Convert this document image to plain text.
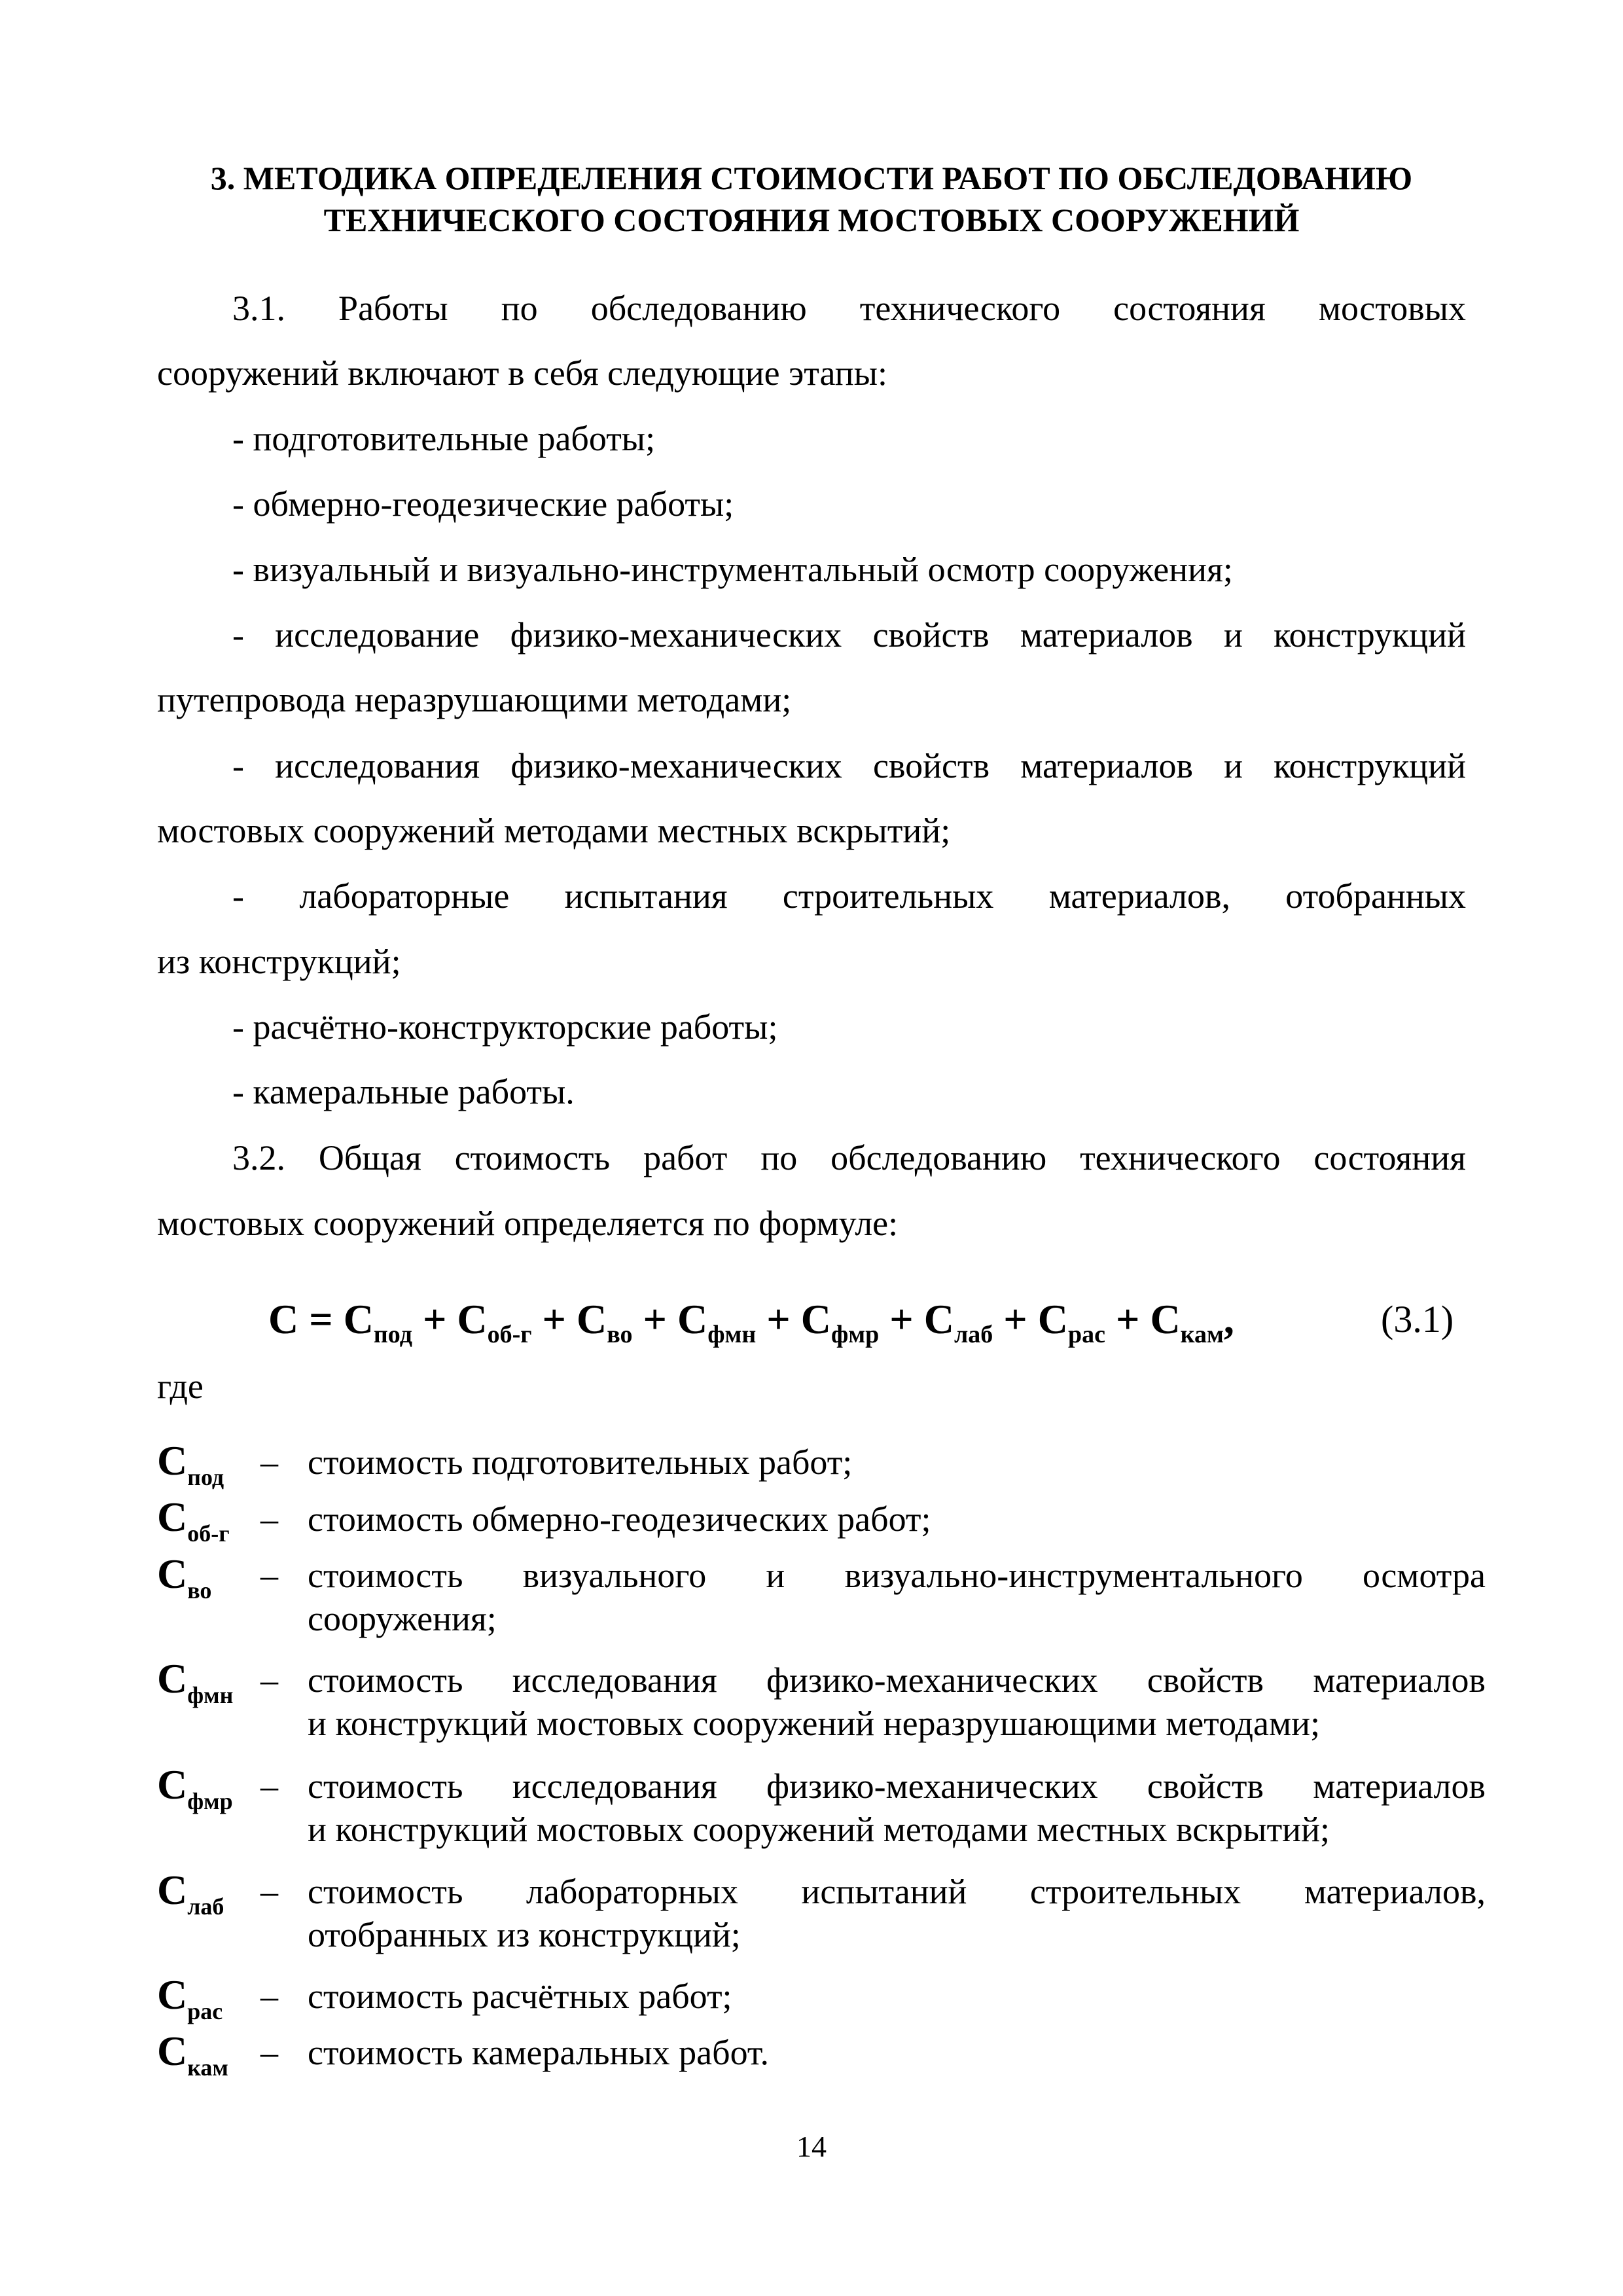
3. МЕТОДИКА ОПРЕДЕЛЕНИЯ СТОИМОСТИ РАБОТ ПО ОБСЛЕДОВАНИЮ
ТЕХНИЧЕСКОГО СОСТОЯНИЯ МОСТОВЫХ СООРУЖЕНИЙ
3.1. Работы по обследованию технического состояния мостовых
сооружений включают в себя следующие этапы:
- подготовительные работы;
- обмерно-геодезические работы;
- визуальный и визуально-инструментальный осмотр сооружения;
- исследование физико-механических свойств материалов и конструкций
путепровода неразрушающими методами;
- исследования физико-механических свойств материалов и конструкций
мостовых сооружений методами местных вскрытий;
- лабораторные испытания строительных материалов, отобранных
из конструкций;
- расчётно-конструкторские работы;
- камеральные работы.
3.2. Общая стоимость работ по обследованию технического состояния
мостовых сооружений определяется по формуле:
$C = C_{под} + C_{об-г} + C_{во} + C_{фмн} + C_{фмр} + C_{лаб} + C_{рас} + C_{кам}$,	(3.1)
где
$C_{под}$ – стоимость подготовительных работ;
$C_{об-г}$ – стоимость обмерно-геодезических работ;
$C_{во}$ – стоимость визуального и визуально-инструментального осмотра
сооружения;
$C_{фмн}$ – стоимость исследования физико-механических свойств материалов
и конструкций мостовых сооружений неразрушающими методами;
$C_{фмр}$ – стоимость исследования физико-механических свойств материалов
и конструкций мостовых сооружений методами местных вскрытий;
$C_{лаб}$ – стоимость лабораторных испытаний строительных материалов,
отобранных из конструкций;
$C_{рас}$ – стоимость расчётных работ;
$C_{кам}$ – стоимость камеральных работ.
14
